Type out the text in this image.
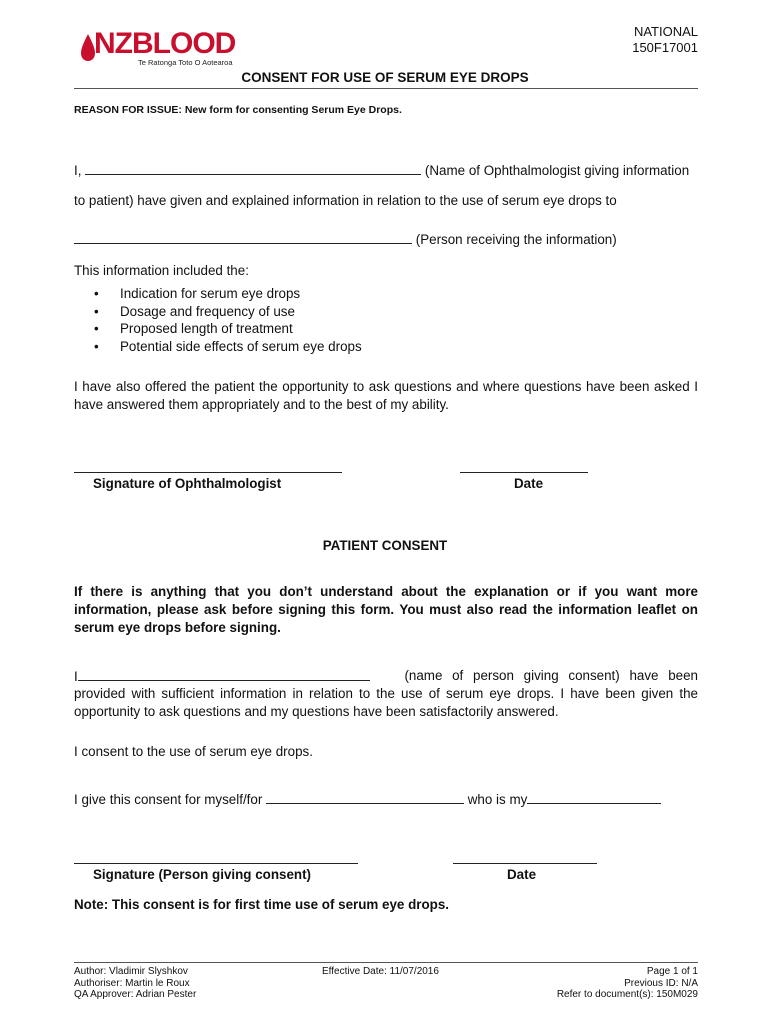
NZBLOOD
Te Ratonga Toto O Aotearoa
NATIONAL
150F17001
CONSENT FOR USE OF SERUM EYE DROPS
REASON FOR ISSUE: New form for consenting Serum Eye Drops.
I,	(Name of Ophthalmologist giving information
to patient) have given and explained information in relation to the use of serum eye drops to
(Person receiving the information)
This information included the:
• Indication for serum eye drops
• Dosage and frequency of use
• Proposed length of treatment
• Potential side effects of serum eye drops
I have also offered the patient the opportunity to ask questions and where questions have been asked I have answered them appropriately and to the best of my ability.
Signature of Ophthalmologist	Date
PATIENT CONSENT
If there is anything that you don’t understand about the explanation or if you want more information, please ask before signing this form. You must also read the information leaflet on serum eye drops before signing.
I	(name of person giving consent) have been
provided with sufficient information in relation to the use of serum eye drops. I have been given the opportunity to ask questions and my questions have been satisfactorily answered.
I consent to the use of serum eye drops.
I give this consent for myself/for	who is my
Signature (Person giving consent)	Date
Note: This consent is for first time use of serum eye drops.
Author: Vladimir Slyshkov
Authoriser: Martin le Roux
QA Approver: Adrian Pester
Effective Date: 11/07/2016	Page 1 of 1
Previous ID: N/A
Refer to document(s): 150M029
